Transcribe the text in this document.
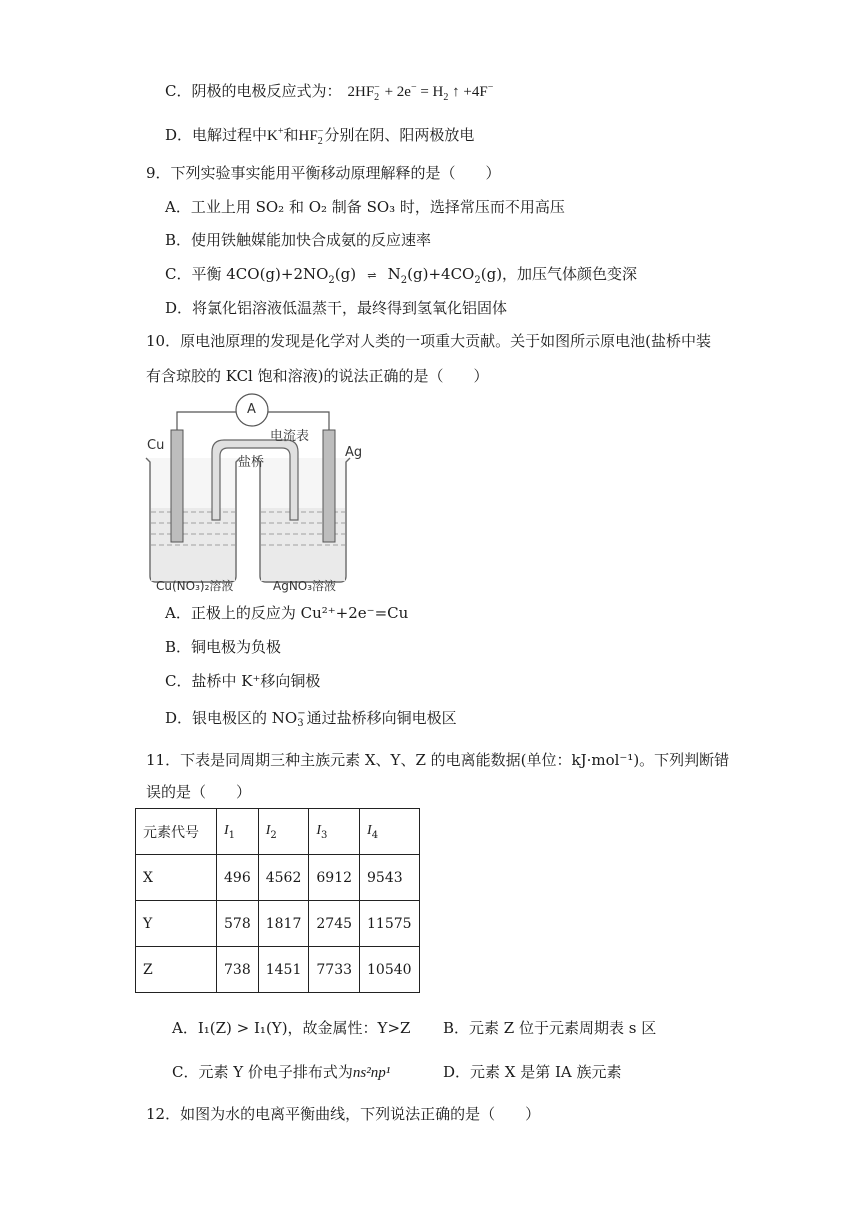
C．阴极的电极反应式为： 2HF −
$2 + 2e^- = H_2$ ↑ +4F−
D．电解过程中K+和HF −
2 分别在阴、阳两极放电
9．下列实验事实能用平衡移动原理解释的是（　　）
A．工业上用 SO₂ 和 O₂ 制备 SO₃ 时，选择常压而不用高压
B．使用铁触媒能加快合成氨的反应速率
C．平衡 $4CO(g)+2NO_2(g)$ ⇌ $N_2(g)+4CO_2(g)$，加压气体颜色变深
D．将氯化铝溶液低温蒸干，最终得到氢氧化铝固体
10．原电池原理的发现是化学对人类的一项重大贡献。关于如图所示原电池(盐桥中装
有含琼胶的 KCl 饱和溶液)的说法正确的是（　　）
A
电流表
盐桥
Cu	Ag
Cu(NO₃)₂溶液	AgNO₃溶液
A．正极上的反应为 Cu²⁺+2e⁻=Cu
B．铜电极为负极
C．盐桥中 K⁺移向铜极
D．银电极区的 NO −
3 通过盐桥移向铜电极区
11．下表是同周期三种主族元素 X、Y、Z 的电离能数据(单位：kJ·mol⁻¹)。下列判断错
误的是（　　）
元素代号	$I_1$	$I_2$	$I_3$	$I_4$
X	496	4562	6912	9543
Y	578	1817	2745	11575
Z	738	1451	7733	10540
A．I₁(Z) > I₁(Y)，故金属性：Y>Z B．元素 Z 位于元素周期表 s 区
C．元素 Y 价电子排布式为ns²np¹	D．元素 X 是第 IA 族元素
12．如图为水的电离平衡曲线，下列说法正确的是（　　）
